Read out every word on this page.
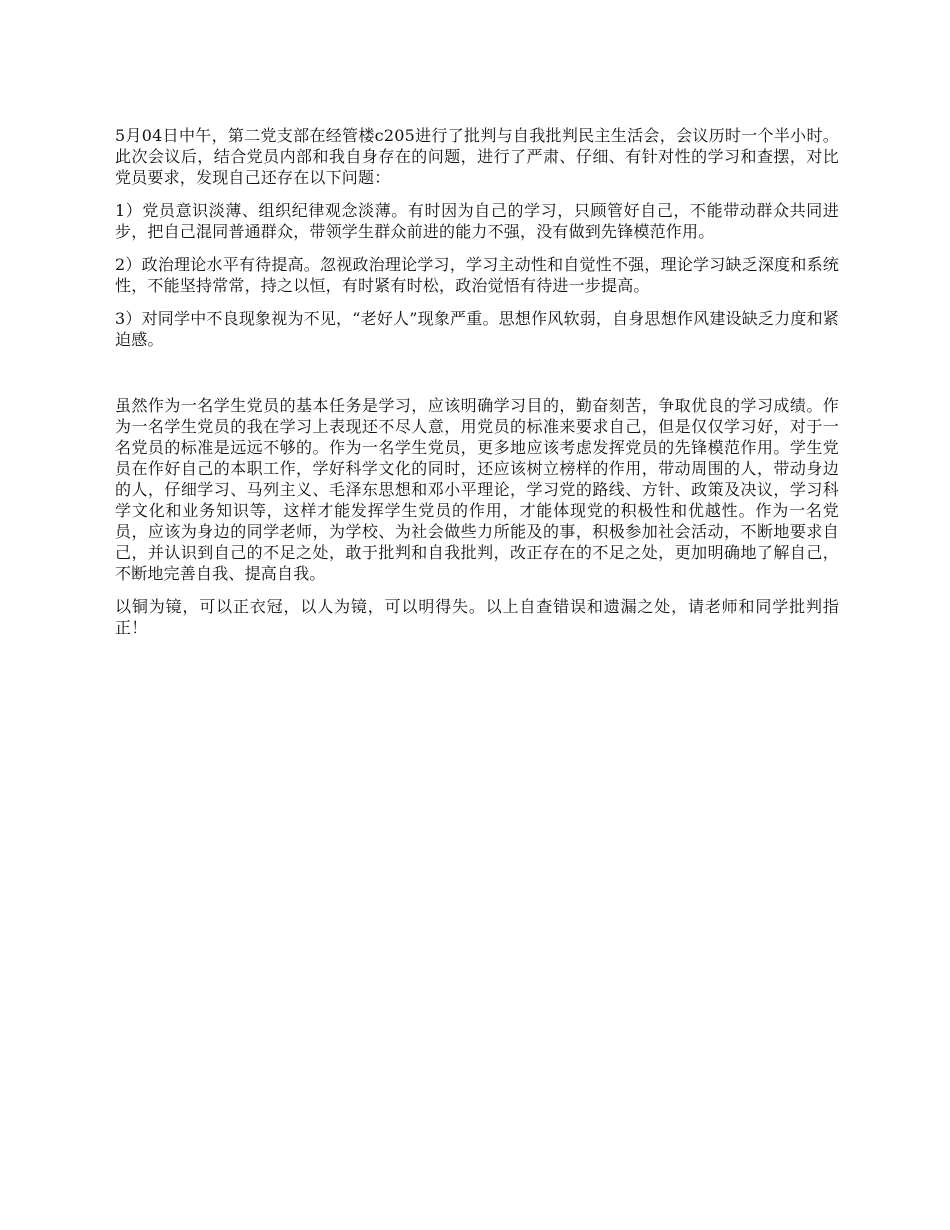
5月04日中午，第二党支部在经管楼c205进行了批判与自我批判民主生活会，会议历时一个半小时。此次会议后，结合党员内部和我自身存在的问题，进行了严肃、仔细、有针对性的学习和查摆，对比党员要求，发现自己还存在以下问题：

1）党员意识淡薄、组织纪律观念淡薄。有时因为自己的学习，只顾管好自己，不能带动群众共同进步，把自己混同普通群众，带领学生群众前进的能力不强，没有做到先锋模范作用。

2）政治理论水平有待提高。忽视政治理论学习，学习主动性和自觉性不强，理论学习缺乏深度和系统性，不能坚持常常，持之以恒，有时紧有时松，政治觉悟有待进一步提高。

3）对同学中不良现象视为不见，“老好人”现象严重。思想作风软弱，自身思想作风建设缺乏力度和紧迫感。

虽然作为一名学生党员的基本任务是学习，应该明确学习目的，勤奋刻苦，争取优良的学习成绩。作为一名学生党员的我在学习上表现还不尽人意，用党员的标准来要求自己，但是仅仅学习好，对于一名党员的标准是远远不够的。作为一名学生党员，更多地应该考虑发挥党员的先锋模范作用。学生党员在作好自己的本职工作，学好科学文化的同时，还应该树立榜样的作用，带动周围的人，带动身边的人，仔细学习、马列主义、毛泽东思想和邓小平理论，学习党的路线、方针、政策及决议，学习科学文化和业务知识等，这样才能发挥学生党员的作用，才能体现党的积极性和优越性。作为一名党员，应该为身边的同学老师，为学校、为社会做些力所能及的事，积极参加社会活动，不断地要求自己，并认识到自己的不足之处，敢于批判和自我批判，改正存在的不足之处，更加明确地了解自己，不断地完善自我、提高自我。

以铜为镜，可以正衣冠，以人为镜，可以明得失。以上自查错误和遗漏之处，请老师和同学批判指正！
